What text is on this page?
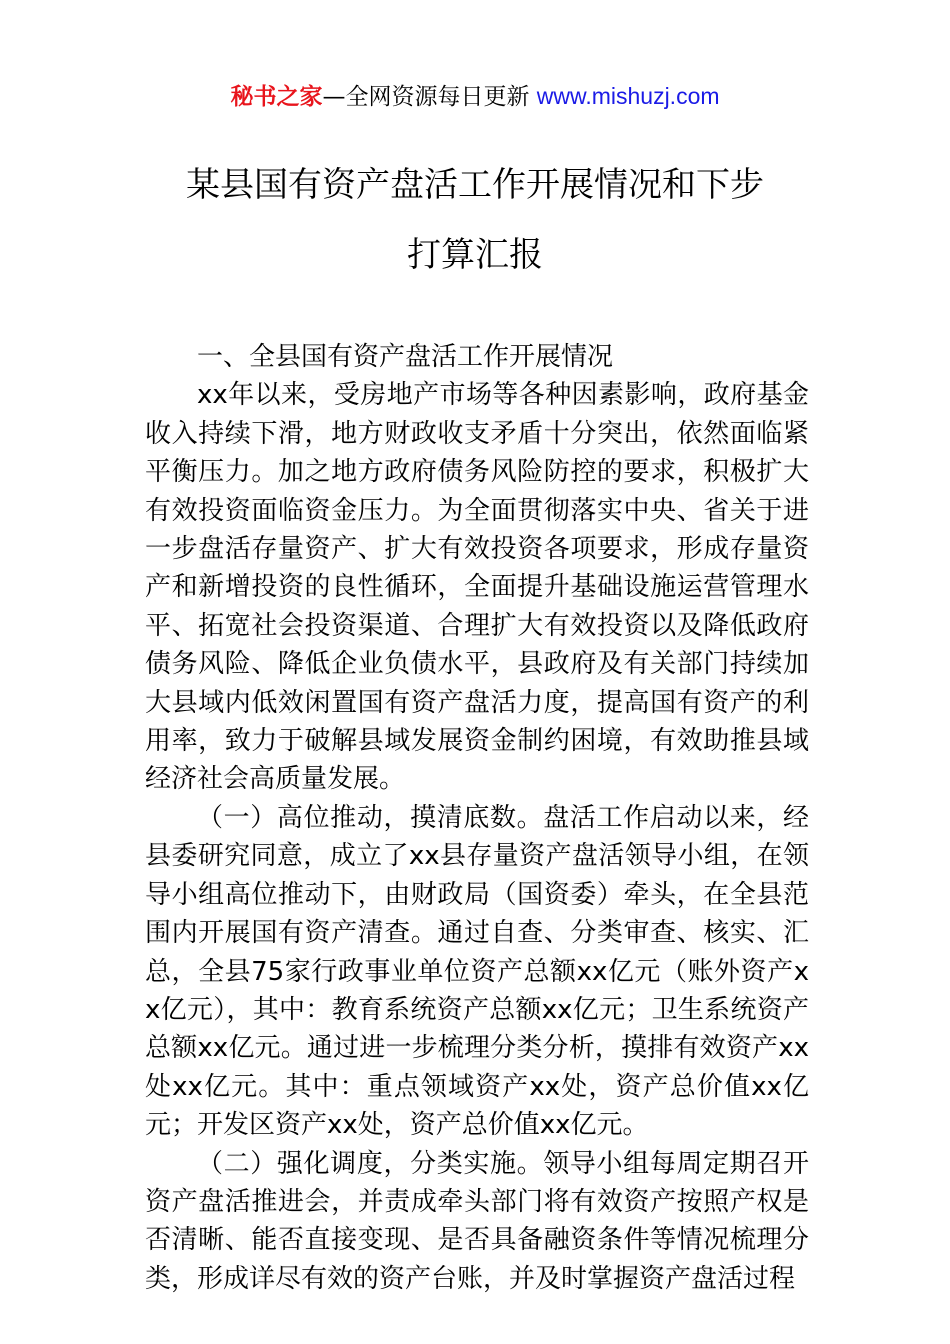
秘书之家—全网资源每日更新 www.mishuzj.com
某县国有资产盘活工作开展情况和下步
打算汇报

一、全县国有资产盘活工作开展情况

xx年以来，受房地产市场等各种因素影响，政府基金收入持续下滑，地方财政收支矛盾十分突出，依然面临紧平衡压力。加之地方政府债务风险防控的要求，积极扩大有效投资面临资金压力。为全面贯彻落实中央、省关于进一步盘活存量资产、扩大有效投资各项要求，形成存量资产和新增投资的良性循环，全面提升基础设施运营管理水平、拓宽社会投资渠道、合理扩大有效投资以及降低政府债务风险、降低企业负债水平，县政府及有关部门持续加大县域内低效闲置国有资产盘活力度，提高国有资产的利用率，致力于破解县域发展资金制约困境，有效助推县域经济社会高质量发展。

（一）高位推动，摸清底数。盘活工作启动以来，经县委研究同意，成立了xx县存量资产盘活领导小组，在领导小组高位推动下，由财政局（国资委）牵头，在全县范围内开展国有资产清查。通过自查、分类审查、核实、汇总，全县75家行政事业单位资产总额xx亿元（账外资产xx亿元），其中：教育系统资产总额xx亿元；卫生系统资产总额xx亿元。通过进一步梳理分类分析，摸排有效资产xx处xx亿元。其中：重点领域资产xx处，资产总价值xx亿元；开发区资产xx处，资产总价值xx亿元。

（二）强化调度，分类实施。领导小组每周定期召开资产盘活推进会，并责成牵头部门将有效资产按照产权是否清晰、能否直接变现、是否具备融资条件等情况梳理分类，形成详尽有效的资产台账，并及时掌握资产盘活过程
